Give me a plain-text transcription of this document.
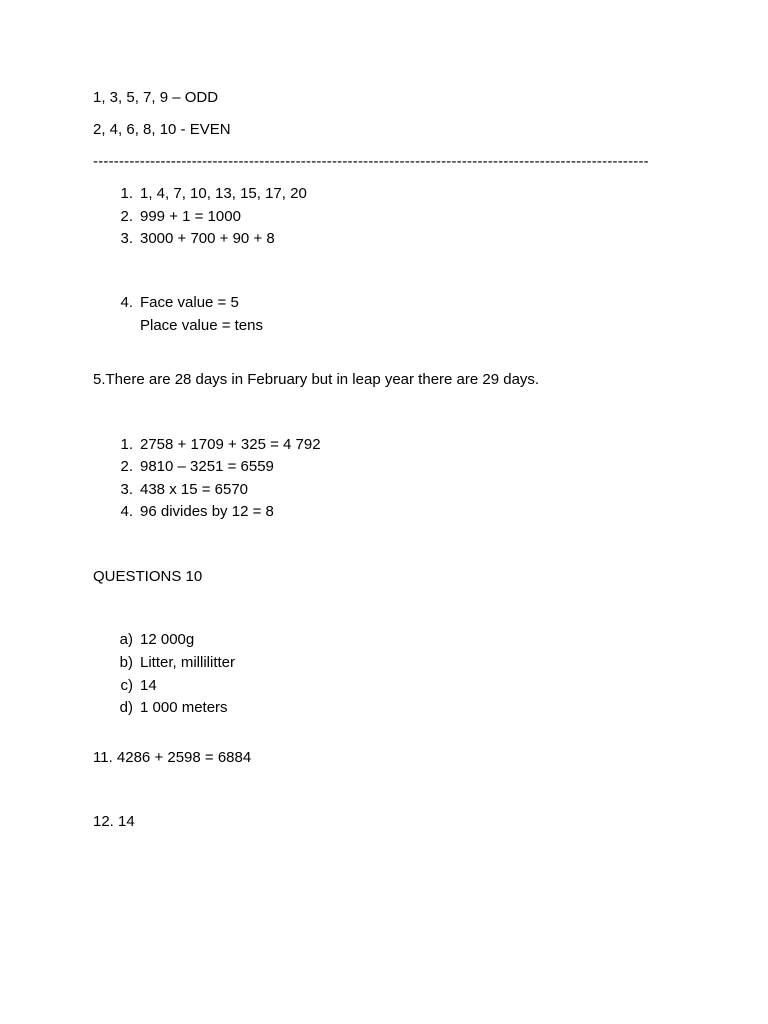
1, 3, 5, 7, 9 – ODD
2, 4, 6, 8, 10 - EVEN
-----------------------------------------------------------------------------------------------------------
1. 1, 4, 7, 10, 13, 15, 17, 20
2. 999 + 1 = 1000
3. 3000 + 700 + 90 + 8
4. Face value = 5
Place value = tens
5.There are 28 days in February but in leap year there are 29 days.
1. 2758 + 1709 + 325 = 4 792
2. 9810 – 3251 = 6559
3. 438 x 15 = 6570
4. 96 divides by 12 = 8
QUESTIONS 10
a) 12 000g
b) Litter, millilitter
c) 14
d) 1 000 meters
11. 4286 + 2598 = 6884
12. 14
